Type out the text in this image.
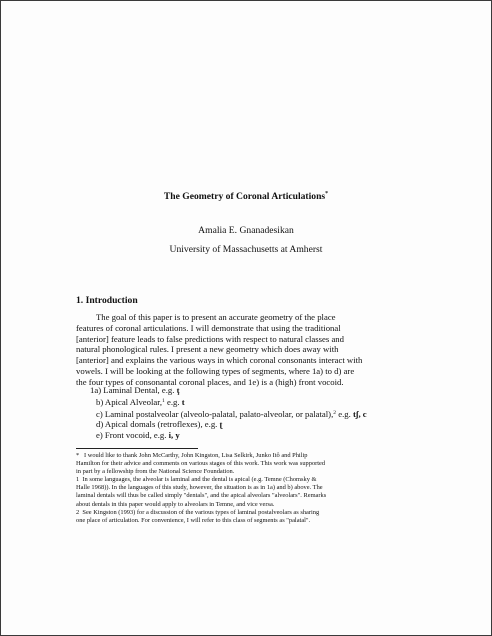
The Geometry of Coronal Articulations*
Amalia E. Gnanadesikan
University of Massachusetts at Amherst
1. Introduction
The goal of this paper is to present an accurate geometry of the place
features of coronal articulations. I will demonstrate that using the traditional
[anterior] feature leads to false predictions with respect to natural classes and
natural phonological rules. I present a new geometry which does away with
[anterior] and explains the various ways in which coronal consonants interact with
vowels. I will be looking at the following types of segments, where 1a) to d) are
the four types of consonantal coronal places, and 1e) is a (high) front vocoid.
1a) Laminal Dental, e.g. ţ
b) Apical Alveolar,$^1$ e.g. t
c) Laminal postalveolar (alveolo-palatal, palato-alveolar, or palatal),$^2$ e.g. tʃ, c
d) Apical domals (retroflexes), e.g. ʈ
e) Front vocoid, e.g. i, y
* I would like to thank John McCarthy, John Kingston, Lisa Selkirk, Junko Itô and Philip
Hamilton for their advice and comments on various stages of this work. This work was supported
in part by a fellowship from the National Science Foundation.
1 In some languages, the alveolar is laminal and the dental is apical (e.g. Temne (Chomsky &
Halle 1968)). In the languages of this study, however, the situation is as in 1a) and b) above. The
laminal dentals will thus be called simply "dentals", and the apical alveolars "alveolars". Remarks
about dentals in this paper would apply to alveolars in Temne, and vice versa.
2 See Kingston (1993) for a discussion of the various types of laminal postalveolars as sharing
one place of articulation. For convenience, I will refer to this class of segments as "palatal".
